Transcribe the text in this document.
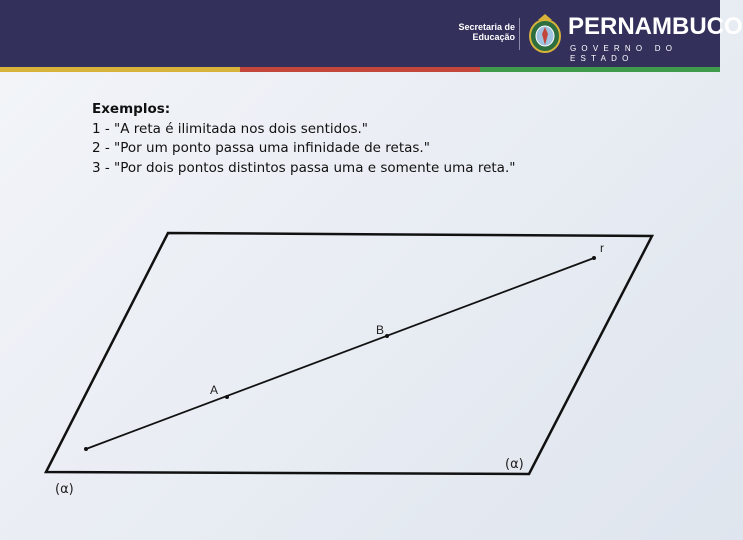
Secretaria de
Educação PERNAMBUCO
GOVERNO DO ESTADO
Exemplos:
1 - "A reta é ilimitada nos dois sentidos."
2 - "Por um ponto passa uma infinidade de retas."
3 - "Por dois pontos distintos passa uma e somente uma reta."
r
B
A
(α)
(α)
